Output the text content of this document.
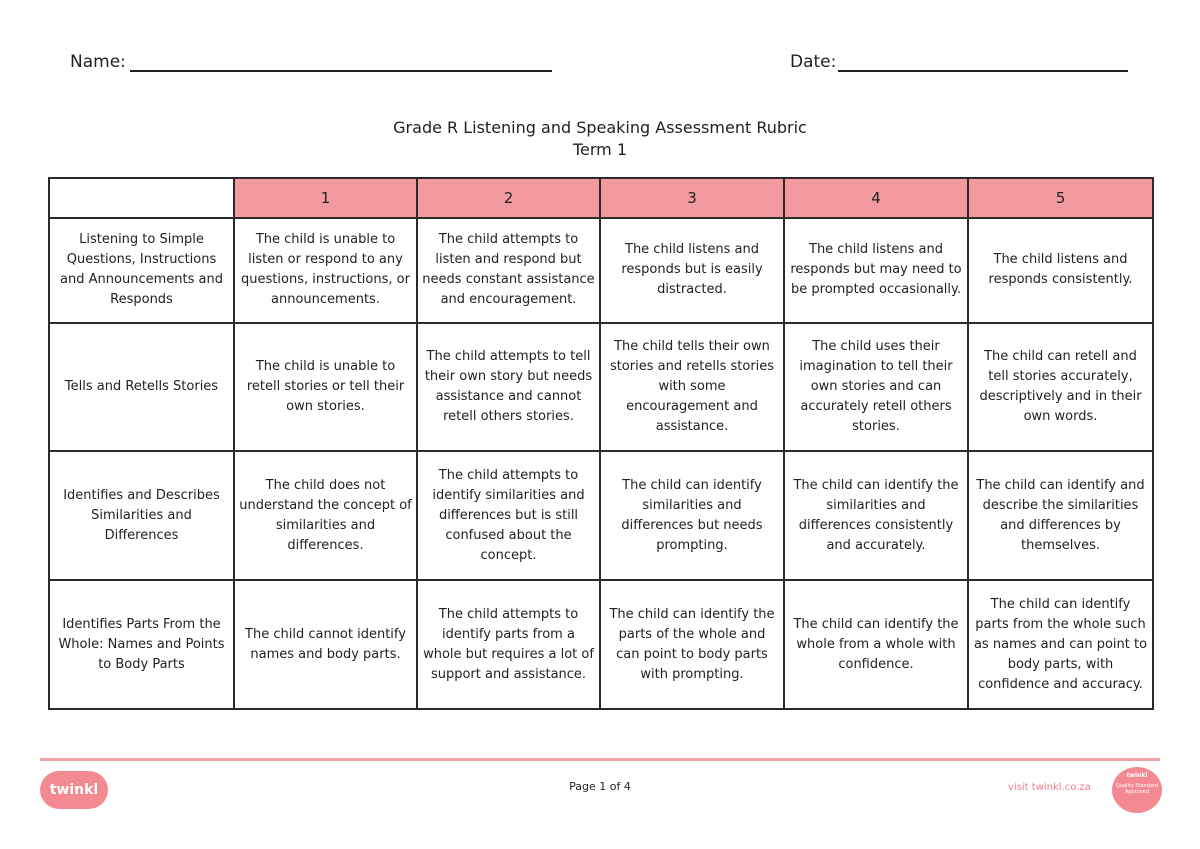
Name:	Date:
Grade R Listening and Speaking Assessment Rubric
Term 1
	1	2	3	4	5
Listening to Simple Questions, Instructions and Announcements and Responds	The child is unable to listen or respond to any questions, instructions, or announcements.	The child attempts to listen and respond but needs constant assistance and encouragement.	The child listens and responds but is easily distracted.	The child listens and responds but may need to be prompted occasionally.	The child listens and responds consistently.
Tells and Retells Stories	The child is unable to retell stories or tell their own stories.	The child attempts to tell their own story but needs assistance and cannot retell others stories.	The child tells their own stories and retells stories with some encouragement and assistance.	The child uses their imagination to tell their own stories and can accurately retell others stories.	The child can retell and tell stories accurately, descriptively and in their own words.
Identifies and Describes Similarities and Differences	The child does not understand the concept of similarities and differences.	The child attempts to identify similarities and differences but is still confused about the concept.	The child can identify similarities and differences but needs prompting.	The child can identify the similarities and differences consistently and accurately.	The child can identify and describe the similarities and differences by themselves.
Identifies Parts From the Whole: Names and Points to Body Parts	The child cannot identify names and body parts.	The child attempts to identify parts from a whole but requires a lot of support and assistance.	The child can identify the parts of the whole and can point to body parts with prompting.	The child can identify the whole from a whole with confidence.	The child can identify parts from the whole such as names and can point to body parts, with confidence and accuracy.
twinkl	Page 1 of 4	visit twinkl.co.za
twinkl
Quality Standard Approved
